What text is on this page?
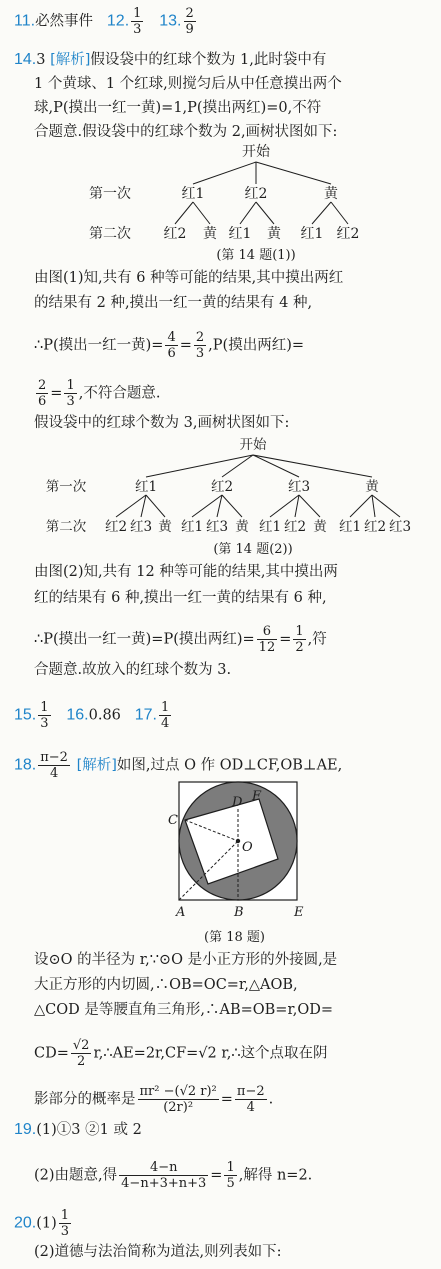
11.必然事件 12. $\frac{1}{3} 13$. $\frac{2}{9}$
14.3 [解析]假设袋中的红球个数为 1,此时袋中有
1 个黄球、1 个红球,则搅匀后从中任意摸出两个
球,P(摸出一红一黄)=1,P(摸出两红)=0,不符
合题意.假设袋中的红球个数为 2,画树状图如下:
开始
第一次
第二次
红1	红2	黄
红2 黄 红1 黄 红1 红2
(第 14 题(1))
由图(1)知,共有 6 种等可能的结果,其中摸出两红
的结果有 2 种,摸出一红一黄的结果有 4 种,
∴P(摸出一红一黄)= $\frac{4}{6} = \frac{2}{3} ,P$(摸出两红)=
$\frac{2}{6} = \frac{1}{3}$ ,不符合题意.
假设袋中的红球个数为 3,画树状图如下:
开始
第一次
第二次
红1	红2	红3	黄
红2 红3 黄 红1 红3 黄 红1 红2 黄 红1 红2 红3
(第 14 题(2))
由图(2)知,共有 12 种等可能的结果,其中摸出两
红的结果有 6 种,摸出一红一黄的结果有 6 种,
∴P(摸出一红一黄)=P(摸出两红)= $\frac{6}{12} = \frac{1}{2}$ ,符
合题意.故放入的红球个数为 3.
15. $\frac{1}{3} 16.0.86$ 17. $\frac{1}{4}$
18. $\frac{\pi-2}{4}$ [解析]如图,过点 O 作 OD⊥CF,OB⊥AE,
C
D F
O
A	B	E
(第 18 题)
设⊙O 的半径为 r,∵⊙O 是小正方形的外接圆,是
大正方形的内切圆,∴OB=OC=r,△AOB,
△COD 是等腰直角三角形,∴AB=OB=r,OD=
$CD= \frac{√2}{2}$ r,∴AE=2r,CF=√2 r,∴这个点取在阴
影部分的概率是 $\frac{\text{πr² −(√2 r)²}}{\text{(2r)²}} = \frac{\pi-2}{4}$ .
19.(1)①3 ②1 或 2
(2)由题意,得 $\frac{4-n}{4-n+3+n+3} = \frac{1}{5}$ ,解得 n=2.
$20.(1) \frac{1}{3}$
(2)道德与法治简称为道法,则列表如下:
